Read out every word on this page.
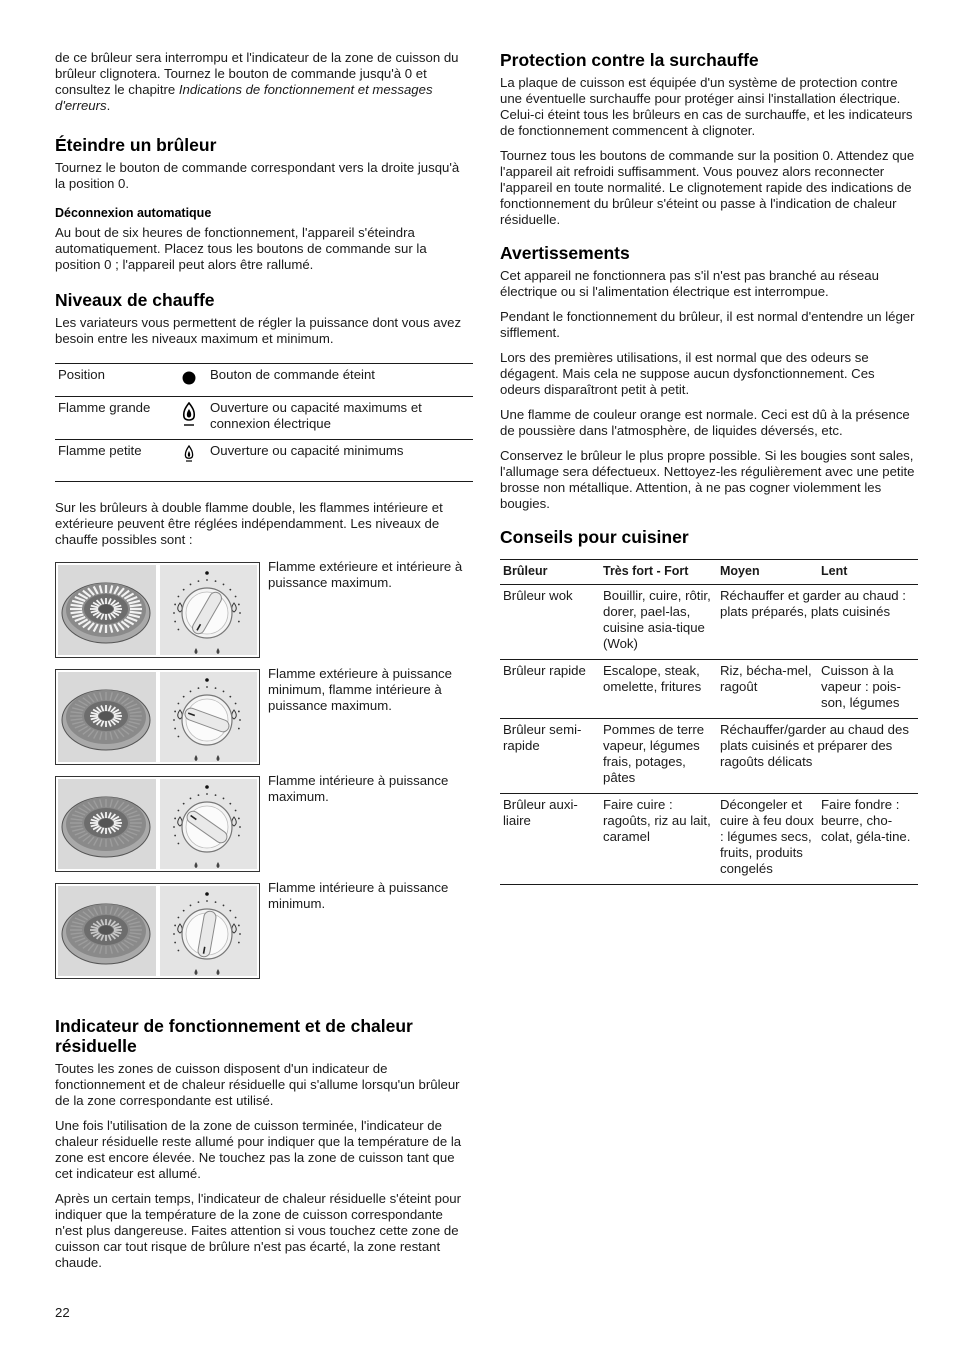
de ce brûleur sera interrompu et l'indicateur de la zone de cuisson du brûleur clignotera. Tournez le bouton de commande jusqu'à 0 et consultez le chapitre Indications de fonctionnement et messages d'erreurs.

Éteindre un brûleur

Tournez le bouton de commande correspondant vers la droite jusqu'à la position 0.

Déconnexion automatique

Au bout de six heures de fonctionnement, l'appareil s'éteindra automatiquement. Placez tous les boutons de commande sur la position 0 ; l'appareil peut alors être rallumé.

Niveaux de chauffe

Les variateurs vous permettent de régler la puissance dont vous avez besoin entre les niveaux maximum et minimum.

Position		Bouton de commande éteint
Flamme grande		Ouverture ou capacité maximums et connexion électrique
Flamme petite		Ouverture ou capacité minimums

Sur les brûleurs à double flamme double, les flammes intérieure et extérieure peuvent être réglées indépendamment. Les niveaux de chauffe possibles sont :

Flamme extérieure et intérieure à puissance maximum.
Flamme extérieure à puissance minimum, flamme intérieure à puissance maximum.
Flamme intérieure à puissance maximum.
Flamme intérieure à puissance minimum.
Indicateur de fonctionnement et de chaleur résiduelle

Toutes les zones de cuisson disposent d'un indicateur de fonctionnement et de chaleur résiduelle qui s'allume lorsqu'un brûleur de la zone correspondante est utilisé.

Une fois l'utilisation de la zone de cuisson terminée, l'indicateur de chaleur résiduelle reste allumé pour indiquer que la température de la zone est encore élevée. Ne touchez pas la zone de cuisson tant que cet indicateur est allumé.

Après un certain temps, l'indicateur de chaleur résiduelle s'éteint pour indiquer que la température de la zone de cuisson correspondante n'est plus dangereuse. Faites attention si vous touchez cette zone de cuisson car tout risque de brûlure n'est pas écarté, la zone restant chaude.

Protection contre la surchauffe

La plaque de cuisson est équipée d'un système de protection contre une éventuelle surchauffe pour protéger ainsi l'installation électrique. Celui-ci éteint tous les brûleurs en cas de surchauffe, et les indicateurs de fonctionnement commencent à clignoter.

Tournez tous les boutons de commande sur la position 0. Attendez que l'appareil ait refroidi suffisamment. Vous pouvez alors reconnecter l'appareil en toute normalité. Le clignotement rapide des indications de fonctionnement du brûleur s'éteint ou passe à l'indication de chaleur résiduelle.

Avertissements

Cet appareil ne fonctionnera pas s'il n'est pas branché au réseau électrique ou si l'alimentation électrique est interrompue.

Pendant le fonctionnement du brûleur, il est normal d'entendre un léger sifflement.

Lors des premières utilisations, il est normal que des odeurs se dégagent. Mais cela ne suppose aucun dysfonctionnement. Ces odeurs disparaîtront petit à petit.

Une flamme de couleur orange est normale. Ceci est dû à la présence de poussière dans l'atmosphère, de liquides déversés, etc.

Conservez le brûleur le plus propre possible. Si les bougies sont sales, l'allumage sera défectueux. Nettoyez-les régulièrement avec une petite brosse non métallique. Attention, à ne pas cogner violemment les bougies.

Conseils pour cuisiner
Brûleur	Très fort - Fort	Moyen	Lent
Brûleur wok	Bouillir, cuire, rôtir, dorer, pael-las, cuisine asia-tique (Wok)	Réchauffer et garder au chaud : plats préparés, plats cuisinés	
Brûleur rapide	Escalope, steak, omelette, fritures	Riz, bécha-mel, ragoût	Cuisson à la vapeur : pois-son, légumes
Brûleur semi-rapide	Pommes de terre vapeur, légumes frais, potages, pâtes	Réchauffer/garder au chaud des plats cuisinés et préparer des ragoûts délicats	
Brûleur auxi-liaire	Faire cuire : ragoûts, riz au lait, caramel	Décongeler et cuire à feu doux : légumes secs, fruits, produits congelés	Faire fondre : beurre, cho-colat, géla-tine.
22
